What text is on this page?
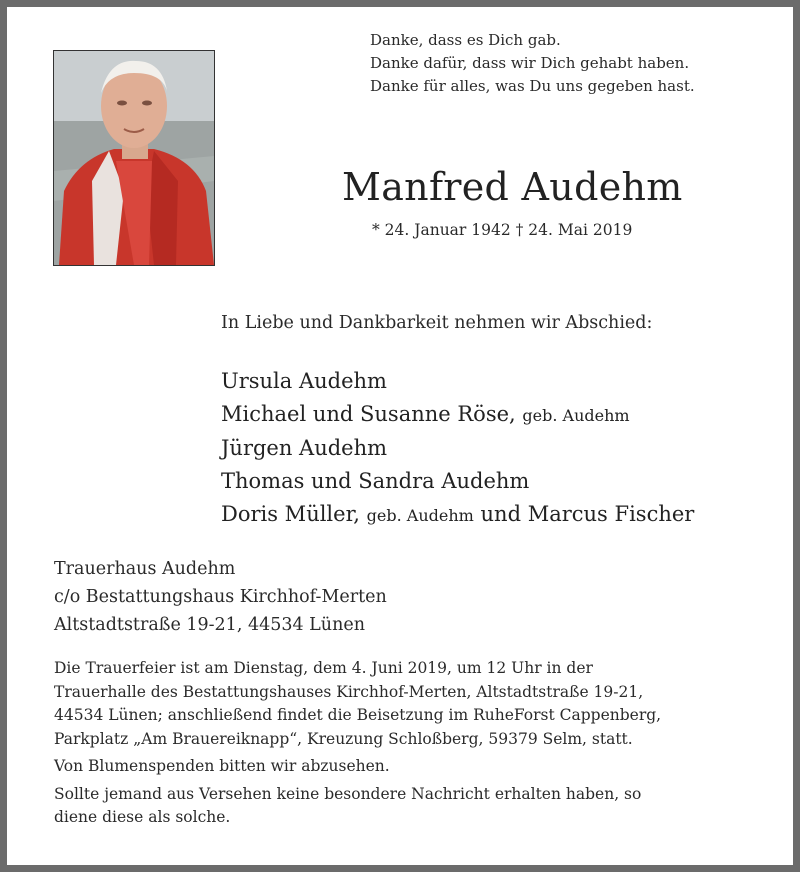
Danke, dass es Dich gab.
Danke dafür, dass wir Dich gehabt haben.
Danke für alles, was Du uns gegeben hast.
Manfred Audehm
* 24. Januar 1942 † 24. Mai 2019
In Liebe und Dankbarkeit nehmen wir Abschied:
Ursula Audehm
Michael und Susanne Röse, geb. Audehm
Jürgen Audehm
Thomas und Sandra Audehm
Doris Müller, geb. Audehm und Marcus Fischer
Trauerhaus Audehm
c/o Bestattungshaus Kirchhof-Merten
Altstadtstraße 19-21, 44534 Lünen

Die Trauerfeier ist am Dienstag, dem 4. Juni 2019, um 12 Uhr in der
Trauerhalle des Bestattungshauses Kirchhof-Merten, Altstadtstraße 19-21,
44534 Lünen; anschließend findet die Beisetzung im RuheForst Cappenberg,
Parkplatz „Am Brauereiknapp“, Kreuzung Schloßberg, 59379 Selm, statt.

Von Blumenspenden bitten wir abzusehen.

Sollte jemand aus Versehen keine besondere Nachricht erhalten haben, so
diene diese als solche.
